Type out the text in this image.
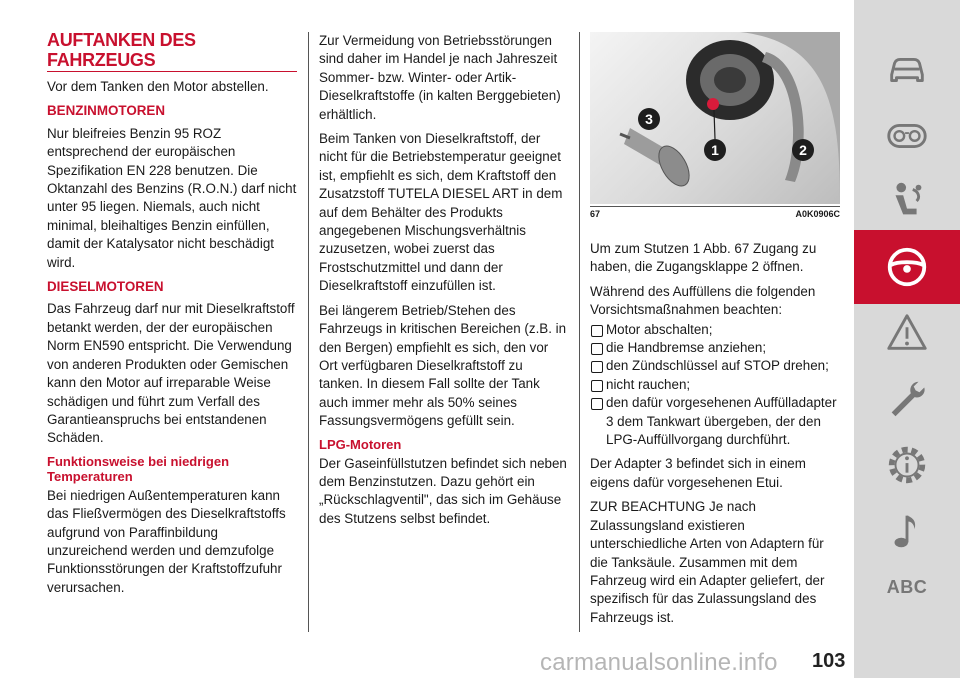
AUFTANKEN DES FAHRZEUGS

Vor dem Tanken den Motor abstellen.

BENZINMOTOREN

Nur bleifreies Benzin 95 ROZ entsprechend der europäischen Spezifikation EN 228 benutzen. Die Oktanzahl des Benzins (R.O.N.) darf nicht unter 95 liegen. Niemals, auch nicht minimal, bleihaltiges Benzin einfüllen, damit der Katalysator nicht beschädigt wird.

DIESELMOTOREN

Das Fahrzeug darf nur mit Dieselkraftstoff betankt werden, der der europäischen Norm EN590 entspricht. Die Verwendung von anderen Produkten oder Gemischen kann den Motor auf irreparable Weise schädigen und führt zum Verfall des Garantieanspruchs bei entstandenen Schäden.

Funktionsweise bei niedrigen Temperaturen

Bei niedrigen Außentemperaturen kann das Fließvermögen des Dieselkraftstoffs aufgrund von Paraffinbildung unzureichend werden und demzufolge Funktionsstörungen der Kraftstoffzufuhr verursachen.

Zur Vermeidung von Betriebsstörungen sind daher im Handel je nach Jahreszeit Sommer- bzw. Winter- oder Artik-Dieselkraftstoffe (in kalten Berggebieten) erhältlich.

Beim Tanken von Dieselkraftstoff, der nicht für die Betriebstemperatur geeignet ist, empfiehlt es sich, dem Kraftstoff den Zusatzstoff TUTELA DIESEL ART in dem auf dem Behälter des Produkts angegebenen Mischungsverhältnis zuzusetzen, wobei zuerst das Frostschutzmittel und dann der Dieselkraftstoff einzufüllen ist.

Bei längerem Betrieb/Stehen des Fahrzeugs in kritischen Bereichen (z.B. in den Bergen) empfiehlt es sich, den vor Ort verfügbaren Dieselkraftstoff zu tanken. In diesem Fall sollte der Tank auch immer mehr als 50% seines Fassungsvermögens gefüllt sein.

LPG-Motoren

Der Gaseinfüllstutzen befindet sich neben dem Benzinstutzen. Dazu gehört ein „Rückschlagventil", das sich im Gehäuse des Stutzens selbst befindet.

3
1	2
67	A0K0906C

Um zum Stutzen 1 Abb. 67 Zugang zu haben, die Zugangsklappe 2 öffnen.

Während des Auffüllens die folgenden Vorsichtsmaßnahmen beachten:

Motor abschalten;
die Handbremse anziehen;
den Zündschlüssel auf STOP drehen;
nicht rauchen;
den dafür vorgesehenen Auffülladapter 3 dem Tankwart übergeben, der den LPG-Auffüllvorgang durchführt.

Der Adapter 3 befindet sich in einem eigens dafür vorgesehenen Etui.

ZUR BEACHTUNG Je nach Zulassungsland existieren unterschiedliche Arten von Adaptern für die Tanksäule. Zusammen mit dem Fahrzeug wird ein Adapter geliefert, der spezifisch für das Zulassungsland des Fahrzeugs ist.

ABC
103
carmanualsonline.info
